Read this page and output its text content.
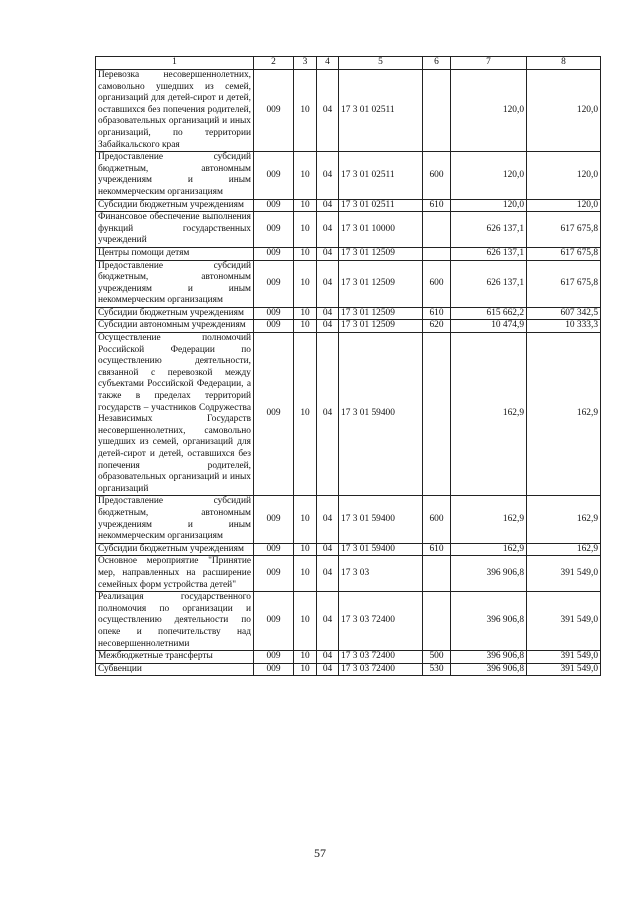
1	2	3	4	5	6	7	8
Перевозка несовершеннолетних, самовольно ушедших из семей, организаций для детей-сирот и детей, оставшихся без попечения родителей, образовательных организаций и иных организаций, по территории Забайкальского края	009	10	04	17 3 01 02511		120,0	120,0
Предоставление субсидий бюджетным, автономным учреждениям и иным некоммерческим организациям	009	10	04	17 3 01 02511	600	120,0	120,0
Субсидии бюджетным учреждениям	009	10	04	17 3 01 02511	610	120,0	120,0
Финансовое обеспечение выполнения функций государственных учреждений	009	10	04	17 3 01 10000		626 137,1	617 675,8
Центры помощи детям	009	10	04	17 3 01 12509		626 137,1	617 675,8
Предоставление субсидий бюджетным, автономным учреждениям и иным некоммерческим организациям	009	10	04	17 3 01 12509	600	626 137,1	617 675,8
Субсидии бюджетным учреждениям	009	10	04	17 3 01 12509	610	615 662,2	607 342,5
Субсидии автономным учреждениям	009	10	04	17 3 01 12509	620	10 474,9	10 333,3
Осуществление полномочий Российской Федерации по осуществлению деятельности, связанной с перевозкой между субъектами Российской Федерации, а также в пределах территорий государств – участников Содружества Независимых Государств несовершеннолетних, самовольно ушедших из семей, организаций для детей-сирот и детей, оставшихся без попечения родителей, образовательных организаций и иных организаций	009	10	04	17 3 01 59400		162,9	162,9
Предоставление субсидий бюджетным, автономным учреждениям и иным некоммерческим организациям	009	10	04	17 3 01 59400	600	162,9	162,9
Субсидии бюджетным учреждениям	009	10	04	17 3 01 59400	610	162,9	162,9
Основное мероприятие "Принятие мер, направленных на расширение семейных форм устройства детей"	009	10	04	17 3 03		396 906,8	391 549,0
Реализация государственного полномочия по организации и осуществлению деятельности по опеке и попечительству над несовершеннолетними	009	10	04	17 3 03 72400		396 906,8	391 549,0
Межбюджетные трансферты	009	10	04	17 3 03 72400	500	396 906,8	391 549,0
Субвенции	009	10	04	17 3 03 72400	530	396 906,8	391 549,0
57
